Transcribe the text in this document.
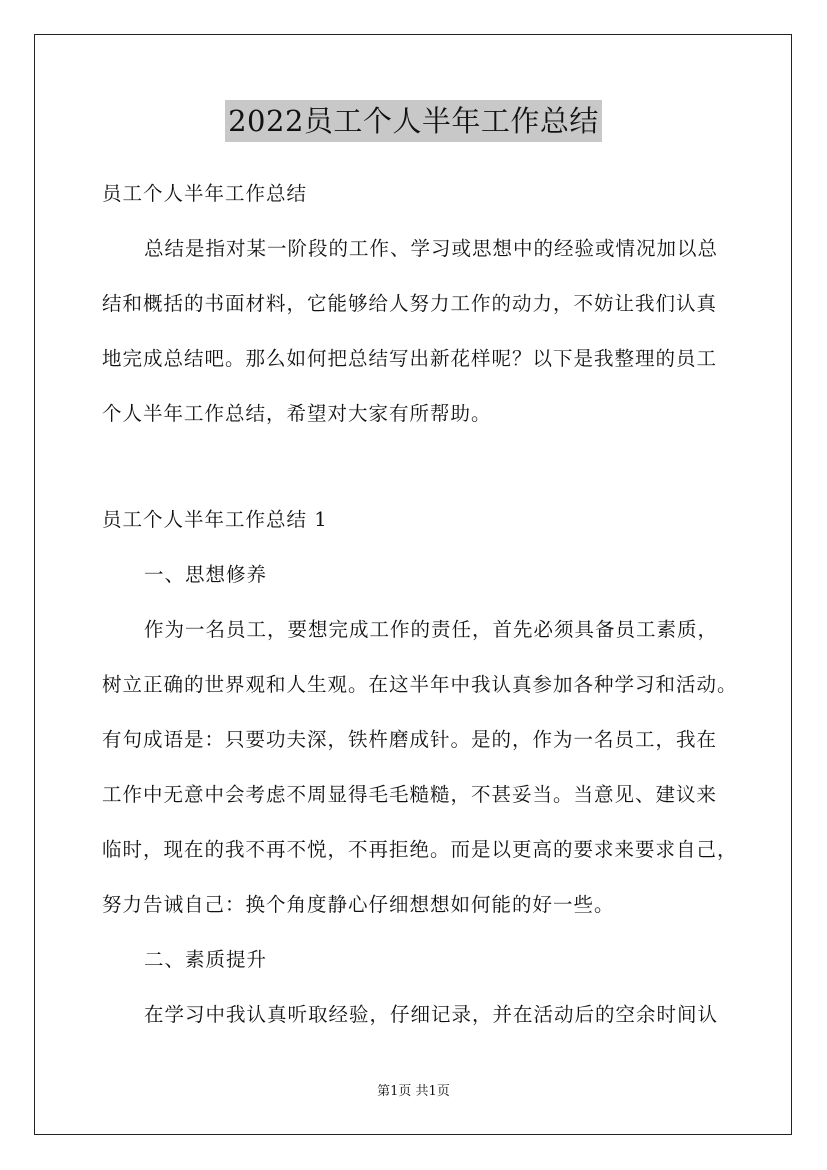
2022员工个人半年工作总结
员工个人半年工作总结
总结是指对某一阶段的工作、学习或思想中的经验或情况加以总
结和概括的书面材料，它能够给人努力工作的动力，不妨让我们认真
地完成总结吧。那么如何把总结写出新花样呢？以下是我整理的员工
个人半年工作总结，希望对大家有所帮助。
员工个人半年工作总结 1
一、思想修养
作为一名员工，要想完成工作的责任，首先必须具备员工素质，
树立正确的世界观和人生观。在这半年中我认真参加各种学习和活动。
有句成语是：只要功夫深，铁杵磨成针。是的，作为一名员工，我在
工作中无意中会考虑不周显得毛毛糙糙，不甚妥当。当意见、建议来
临时，现在的我不再不悦，不再拒绝。而是以更高的要求来要求自己，
努力告诫自己：换个角度静心仔细想想如何能的好一些。
二、素质提升
在学习中我认真听取经验，仔细记录，并在活动后的空余时间认
第1页 共1页
